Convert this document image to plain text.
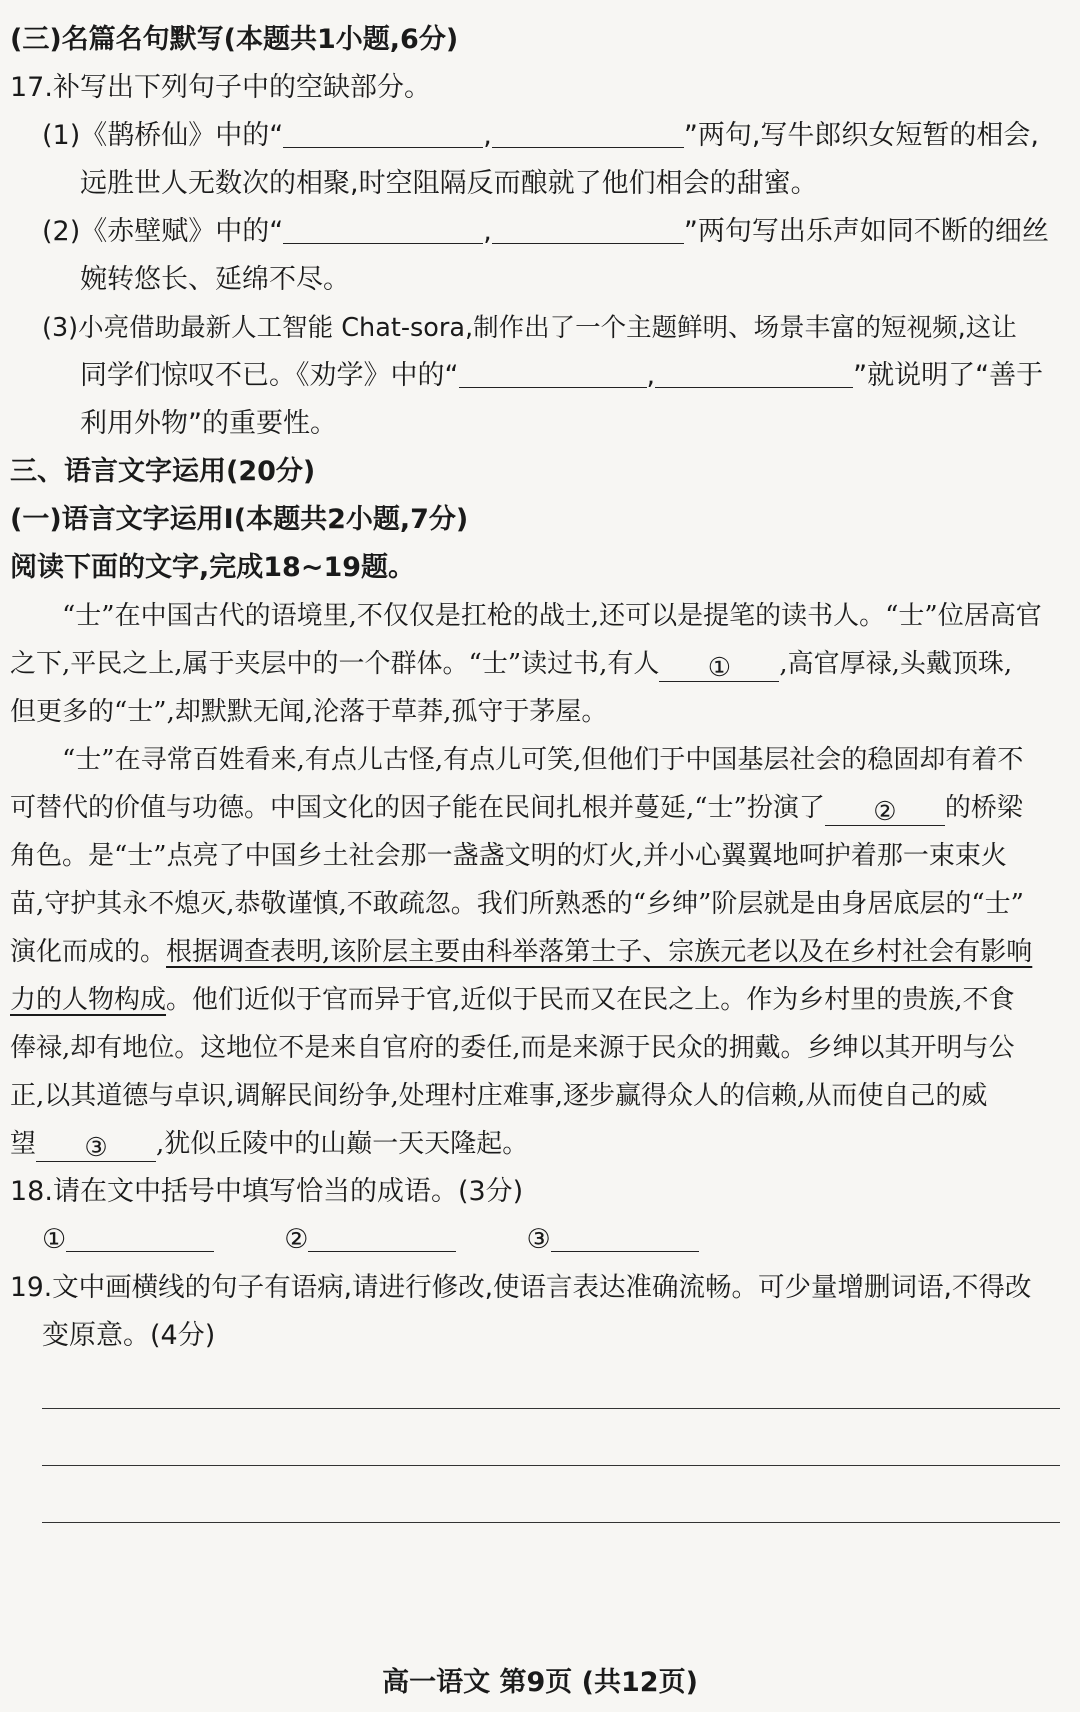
(三)名篇名句默写(本题共1小题,6分)
17.补写出下列句子中的空缺部分。
(1)《鹊桥仙》中的“	,	”两句,写牛郎织女短暂的相会,
远胜世人无数次的相聚,时空阻隔反而酿就了他们相会的甜蜜。
(2)《赤壁赋》中的“	,	”两句写出乐声如同不断的细丝
婉转悠长、延绵不尽。
(3)小亮借助最新人工智能 Chat-sora,制作出了一个主题鲜明、场景丰富的短视频,这让
同学们惊叹不已。《劝学》中的“	,	”就说明了“善于
利用外物”的重要性。
三、语言文字运用(20分)
(一)语言文字运用Ⅰ(本题共2小题,7分)
阅读下面的文字,完成18~19题。
“士”在中国古代的语境里,不仅仅是扛枪的战士,还可以是提笔的读书人。“士”位居高官
之下,平民之上,属于夹层中的一个群体。“士”读过书,有人 ① ,高官厚禄,头戴顶珠,
但更多的“士”,却默默无闻,沦落于草莽,孤守于茅屋。
“士”在寻常百姓看来,有点儿古怪,有点儿可笑,但他们于中国基层社会的稳固却有着不
可替代的价值与功德。中国文化的因子能在民间扎根并蔓延,“士”扮演了 ② 的桥梁
角色。是“士”点亮了中国乡土社会那一盏盏文明的灯火,并小心翼翼地呵护着那一束束火
苗,守护其永不熄灭,恭敬谨慎,不敢疏忽。我们所熟悉的“乡绅”阶层就是由身居底层的“士”
演化而成的。根据调查表明,该阶层主要由科举落第士子、宗族元老以及在乡村社会有影响
力的人物构成。他们近似于官而异于官,近似于民而又在民之上。作为乡村里的贵族,不食
俸禄,却有地位。这地位不是来自官府的委任,而是来源于民众的拥戴。乡绅以其开明与公
正,以其道德与卓识,调解民间纷争,处理村庄难事,逐步赢得众人的信赖,从而使自己的威
望 ③ ,犹似丘陵中的山巅一天天隆起。
18.请在文中括号中填写恰当的成语。(3分)
①	②	③
19.文中画横线的句子有语病,请进行修改,使语言表达准确流畅。可少量增删词语,不得改
变原意。(4分)
高一语文 第9页 (共12页)
